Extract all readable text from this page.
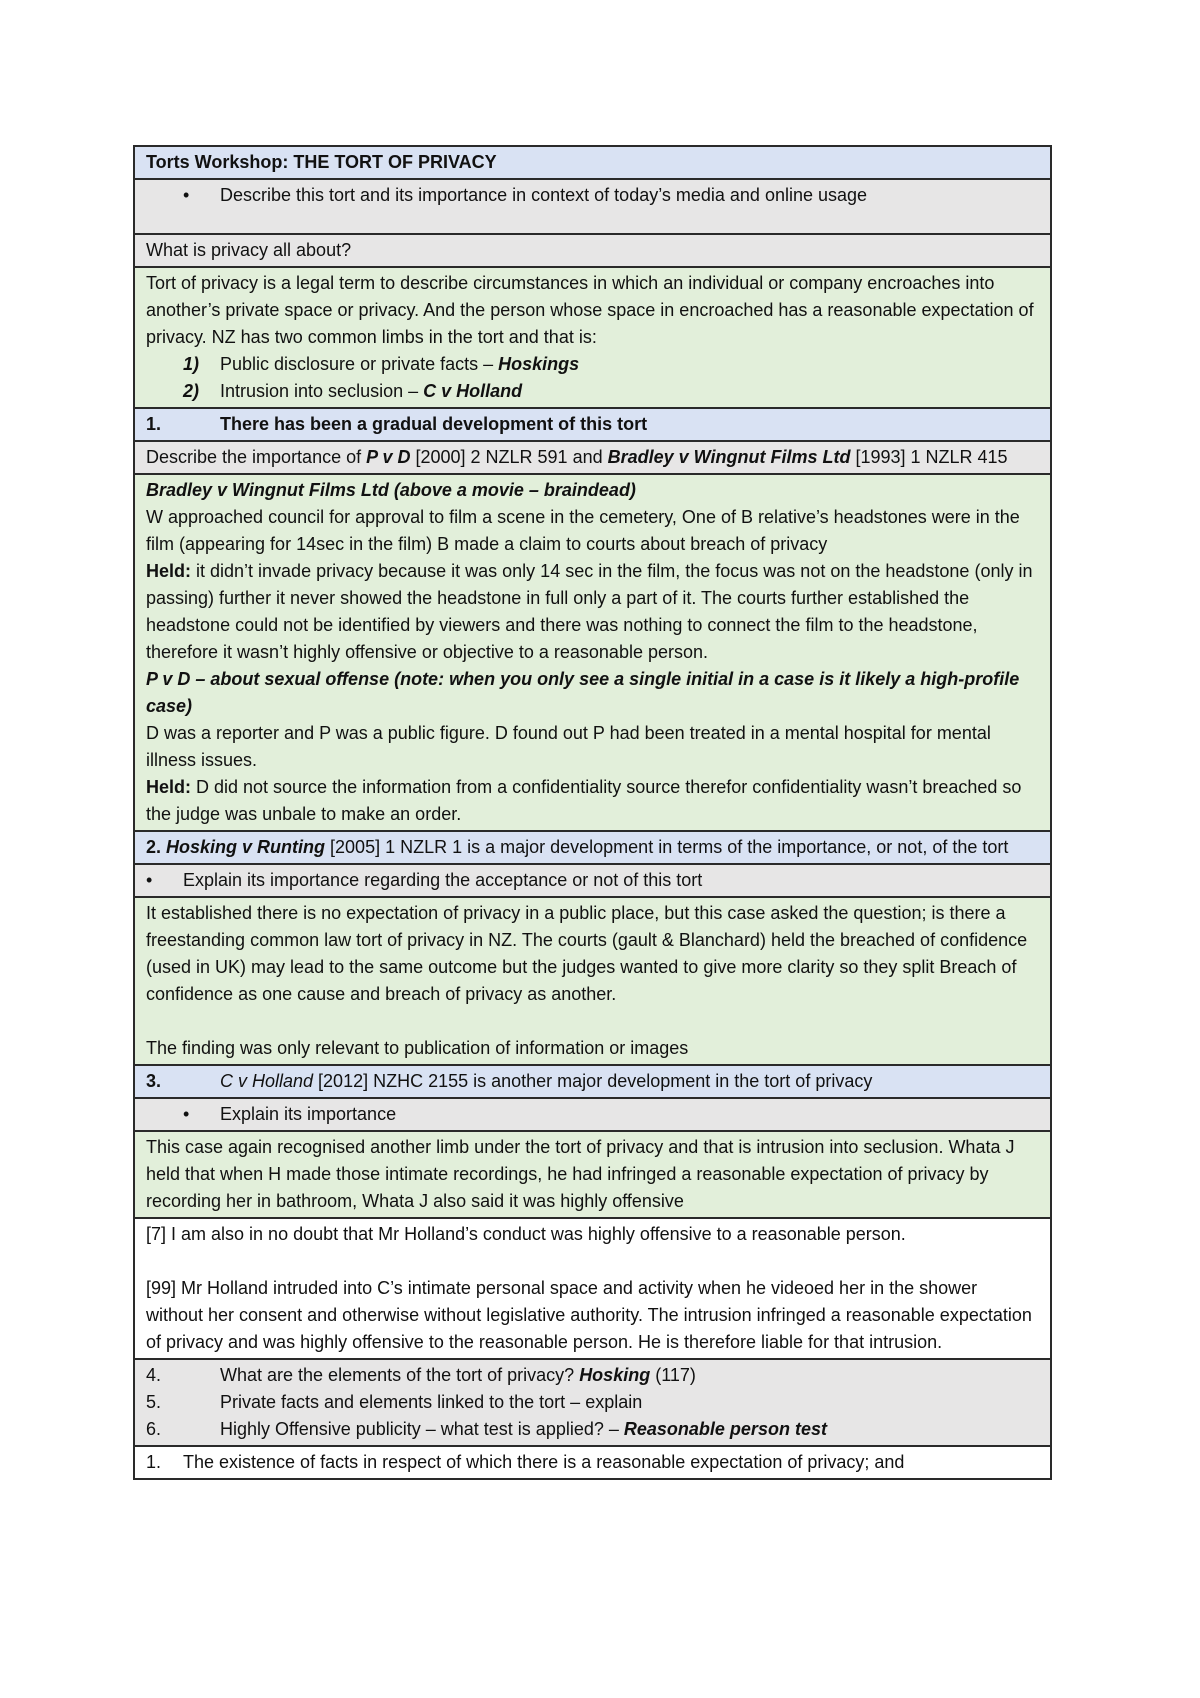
Torts Workshop: THE TORT OF PRIVACY
• Describe this tort and its importance in context of today’s media and online usage
What is privacy all about?

Tort of privacy is a legal term to describe circumstances in which an individual or company encroaches into another’s private space or privacy. And the person whose space in encroached has a reasonable expectation of privacy. NZ has two common limbs in the tort and that is:
1) Public disclosure or private facts – Hoskings
2) Intrusion into seclusion – C v Holland

1.	There has been a gradual development of this tort
Describe the importance of P v D [2000] 2 NZLR 591 and Bradley v Wingnut Films Ltd [1993] 1 NZLR 415

Bradley v Wingnut Films Ltd (above a movie – braindead)
W approached council for approval to film a scene in the cemetery, One of B relative’s headstones were in the film (appearing for 14sec in the film) B made a claim to courts about breach of privacy
Held: it didn’t invade privacy because it was only 14 sec in the film, the focus was not on the headstone (only in passing) further it never showed the headstone in full only a part of it. The courts further established the headstone could not be identified by viewers and there was nothing to connect the film to the headstone, therefore it wasn’t highly offensive or objective to a reasonable person.
P v D – about sexual offense (note: when you only see a single initial in a case is it likely a high-profile case)
D was a reporter and P was a public figure. D found out P had been treated in a mental hospital for mental illness issues.
Held: D did not source the information from a confidentiality source therefor confidentiality wasn’t breached so the judge was unbale to make an order.

2. Hosking v Runting [2005] 1 NZLR 1 is a major development in terms of the importance, or not, of the tort
• Explain its importance regarding the acceptance or not of this tort

It established there is no expectation of privacy in a public place, but this case asked the question; is there a freestanding common law tort of privacy in NZ. The courts (gault & Blanchard) held the breached of confidence (used in UK) may lead to the same outcome but the judges wanted to give more clarity so they split Breach of confidence as one cause and breach of privacy as another.
The finding was only relevant to publication of information or images

3.	C v Holland [2012] NZHC 2155 is another major development in the tort of privacy
• Explain its importance
This case again recognised another limb under the tort of privacy and that is intrusion into seclusion. Whata J held that when H made those intimate recordings, he had infringed a reasonable expectation of privacy by recording her in bathroom, Whata J also said it was highly offensive

[7] I am also in no doubt that Mr Holland’s conduct was highly offensive to a reasonable person.
[99] Mr Holland intruded into C’s intimate personal space and activity when he videoed her in the shower without her consent and otherwise without legislative authority. The intrusion infringed a reasonable expectation of privacy and was highly offensive to the reasonable person. He is therefore liable for that intrusion.

4.	What are the elements of the tort of privacy? Hosking (117)
5.	Private facts and elements linked to the tort – explain
6.	Highly Offensive publicity – what test is applied? – Reasonable person test

1. The existence of facts in respect of which there is a reasonable expectation of privacy; and
